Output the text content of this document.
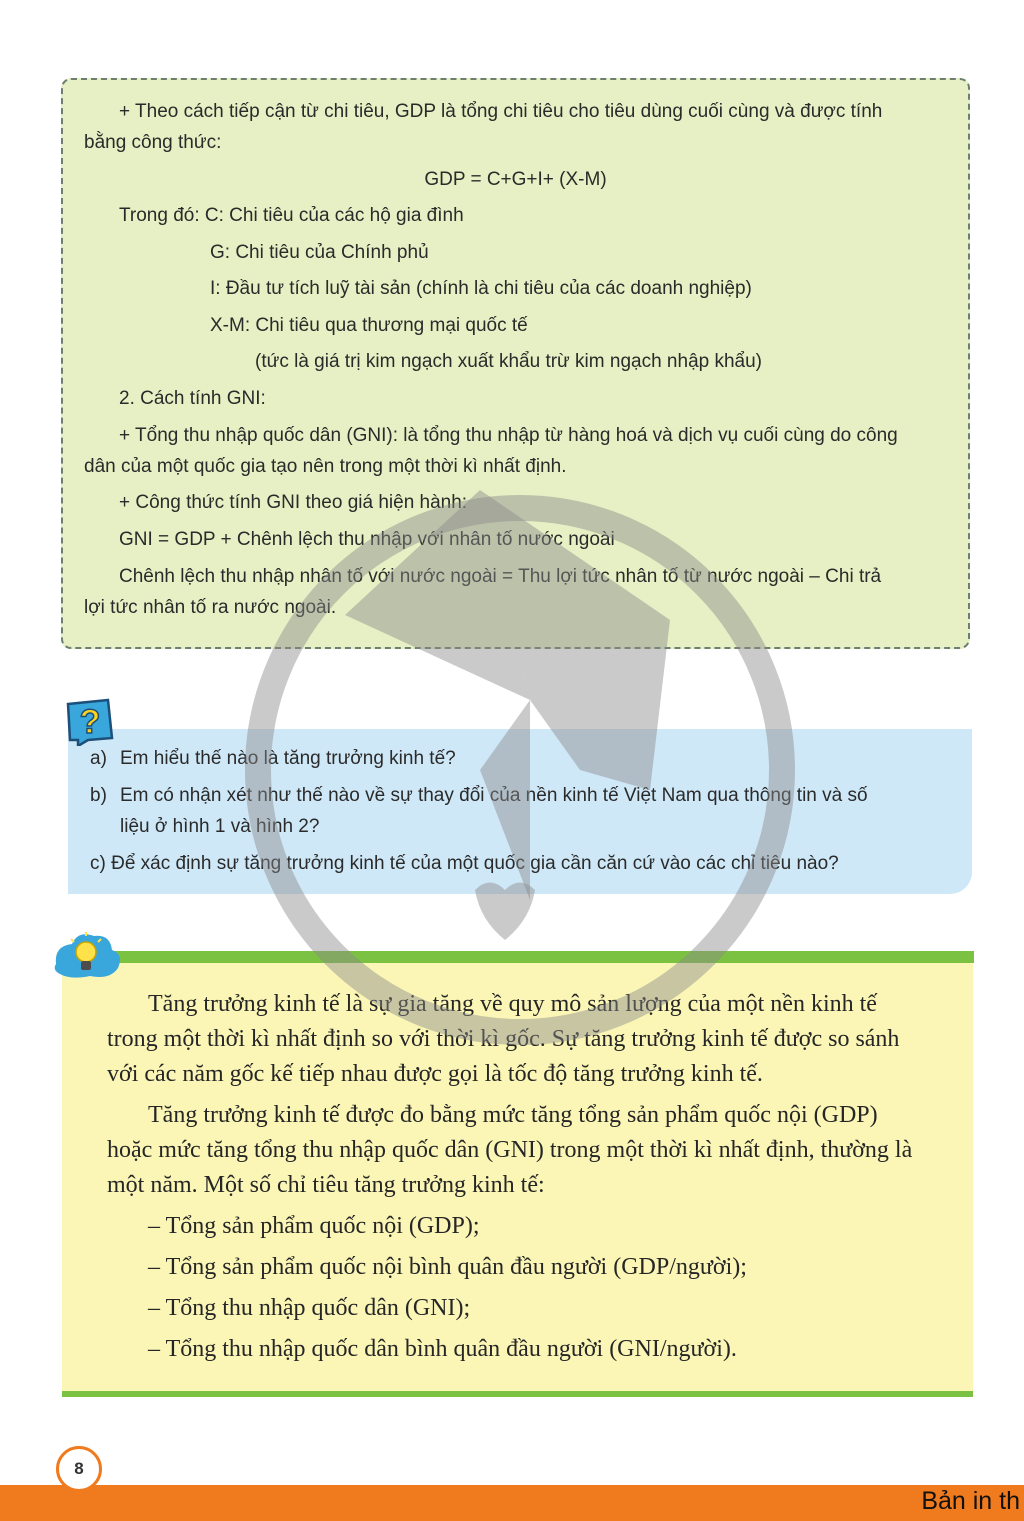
+ Theo cách tiếp cận từ chi tiêu, GDP là tổng chi tiêu cho tiêu dùng cuối cùng và được tính

bằng công thức:

GDP = C+G+I+ (X-M)

Trong đó: C: Chi tiêu của các hộ gia đình

G: Chi tiêu của Chính phủ

I: Đầu tư tích luỹ tài sản (chính là chi tiêu của các doanh nghiệp)

X-M: Chi tiêu qua thương mại quốc tế

(tức là giá trị kim ngạch xuất khẩu trừ kim ngạch nhập khẩu)

2. Cách tính GNI:

+ Tổng thu nhập quốc dân (GNI): là tổng thu nhập từ hàng hoá và dịch vụ cuối cùng do công

dân của một quốc gia tạo nên trong một thời kì nhất định.

+ Công thức tính GNI theo giá hiện hành:

GNI = GDP + Chênh lệch thu nhập với nhân tố nước ngoài

Chênh lệch thu nhập nhân tố với nước ngoài = Thu lợi tức nhân tố từ nước ngoài – Chi trả

lợi tức nhân tố ra nước ngoài.

a) Em hiểu thế nào là tăng trưởng kinh tế?
b) Em có nhận xét như thế nào về sự thay đổi của nền kinh tế Việt Nam qua thông tin và số
liệu ở hình 1 và hình 2?
c) Để xác định sự tăng trưởng kinh tế của một quốc gia cần căn cứ vào các chỉ tiêu nào?
?
Tăng trưởng kinh tế là sự gia tăng về quy mô sản lượng của một nền kinh tế
trong một thời kì nhất định so với thời kì gốc. Sự tăng trưởng kinh tế được so sánh
với các năm gốc kế tiếp nhau được gọi là tốc độ tăng trưởng kinh tế.
Tăng trưởng kinh tế được đo bằng mức tăng tổng sản phẩm quốc nội (GDP)
hoặc mức tăng tổng thu nhập quốc dân (GNI) trong một thời kì nhất định, thường là
một năm. Một số chỉ tiêu tăng trưởng kinh tế:
– Tổng sản phẩm quốc nội (GDP);
– Tổng sản phẩm quốc nội bình quân đầu người (GDP/người);
– Tổng thu nhập quốc dân (GNI);
– Tổng thu nhập quốc dân bình quân đầu người (GNI/người).
8
Bản in th
